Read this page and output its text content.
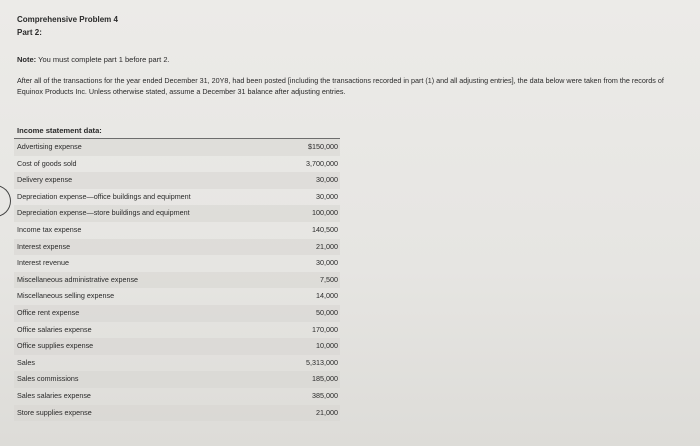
Comprehensive Problem 4
Part 2:
Note: You must complete part 1 before part 2.
After all of the transactions for the year ended December 31, 20Y8, had been posted [including the transactions recorded in part (1) and all adjusting entries], the data below were taken from the records of Equinox Products Inc. Unless otherwise stated, assume a December 31 balance after adjusting entries.
Income statement data:
Advertising expense	$150,000
Cost of goods sold	3,700,000
Delivery expense	30,000
Depreciation expense—office buildings and equipment	30,000
Depreciation expense—store buildings and equipment	100,000
Income tax expense	140,500
Interest expense	21,000
Interest revenue	30,000
Miscellaneous administrative expense	7,500
Miscellaneous selling expense	14,000
Office rent expense	50,000
Office salaries expense	170,000
Office supplies expense	10,000
Sales	5,313,000
Sales commissions	185,000
Sales salaries expense	385,000
Store supplies expense	21,000
